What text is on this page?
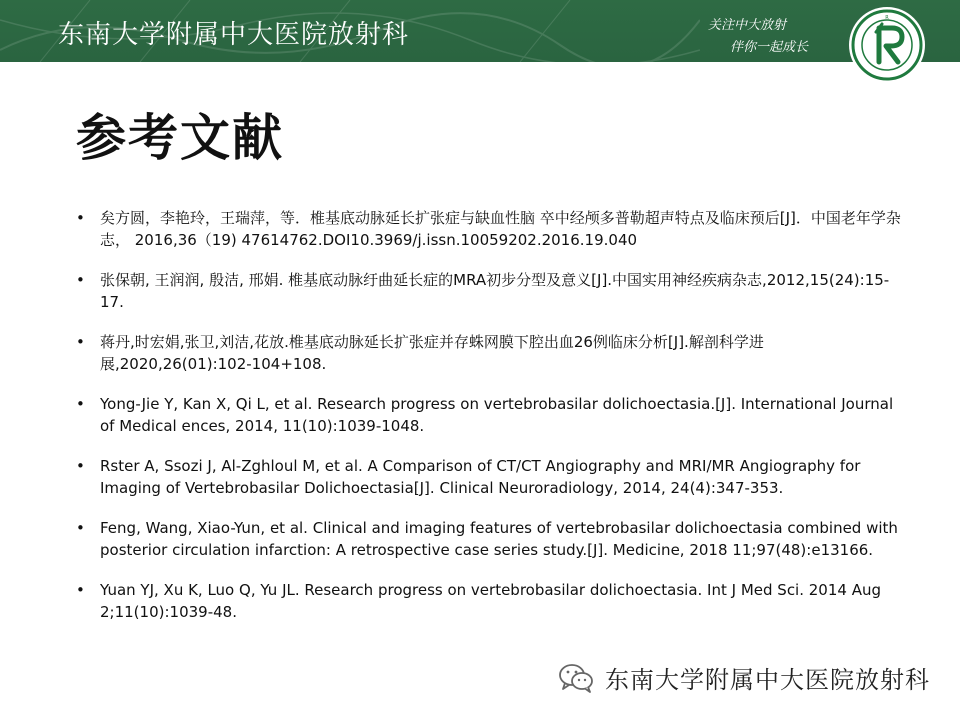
东南大学附属中大医院放射科	关注中大放射
伴你一起成长
R
参考文献
• 矣方圆，李艳玲，王瑞萍，等．椎基底动脉延长扩张症与缺血性脑 卒中经颅多普勒超声特点及临床预后[J]．中国老年学杂志， 2016,36（19) 47614762.DOI10.3969/j.issn.10059202.2016.19.040
• 张保朝, 王润润, 殷洁, 邢娟. 椎基底动脉纡曲延长症的MRA初步分型及意义[J].中国实用神经疾病杂志,2012,15(24):15-17.
• 蒋丹,时宏娟,张卫,刘洁,花放.椎基底动脉延长扩张症并存蛛网膜下腔出血26例临床分析[J].解剖科学进展,2020,26(01):102-104+108.
• Yong-Jie Y, Kan X, Qi L, et al. Research progress on vertebrobasilar dolichoectasia.[J]. International Journal of Medical ences, 2014, 11(10):1039-1048.
• Rster A, Ssozi J, Al-Zghloul M, et al. A Comparison of CT/CT Angiography and MRI/MR Angiography for Imaging of Vertebrobasilar Dolichoectasia[J]. Clinical Neuroradiology, 2014, 24(4):347-353.
• Feng, Wang, Xiao-Yun, et al. Clinical and imaging features of vertebrobasilar dolichoectasia combined with posterior circulation infarction: A retrospective case series study.[J]. Medicine, 2018 11;97(48):e13166.
• Yuan YJ, Xu K, Luo Q, Yu JL. Research progress on vertebrobasilar dolichoectasia. Int J Med Sci. 2014 Aug 2;11(10):1039-48.
东南大学附属中大医院放射科
